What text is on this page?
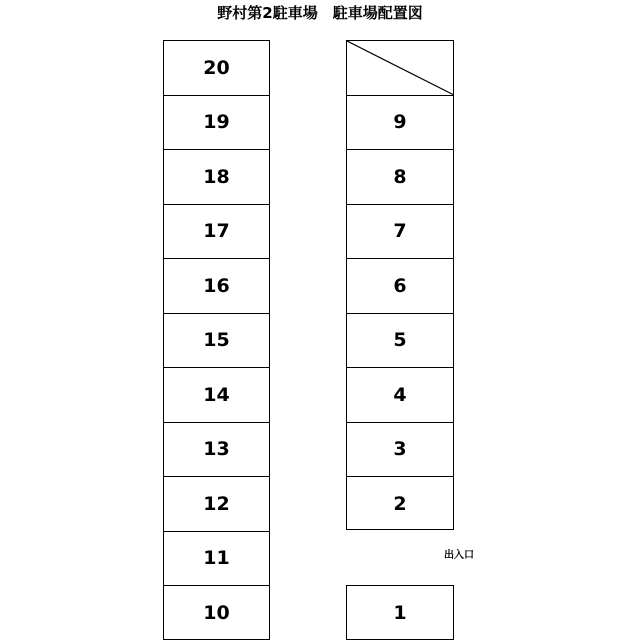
野村第2駐車場　駐車場配置図
20
19
18
17
16
15
14
13
12
11
10
9
8
7
6
5
4
3
2
出入口
1
